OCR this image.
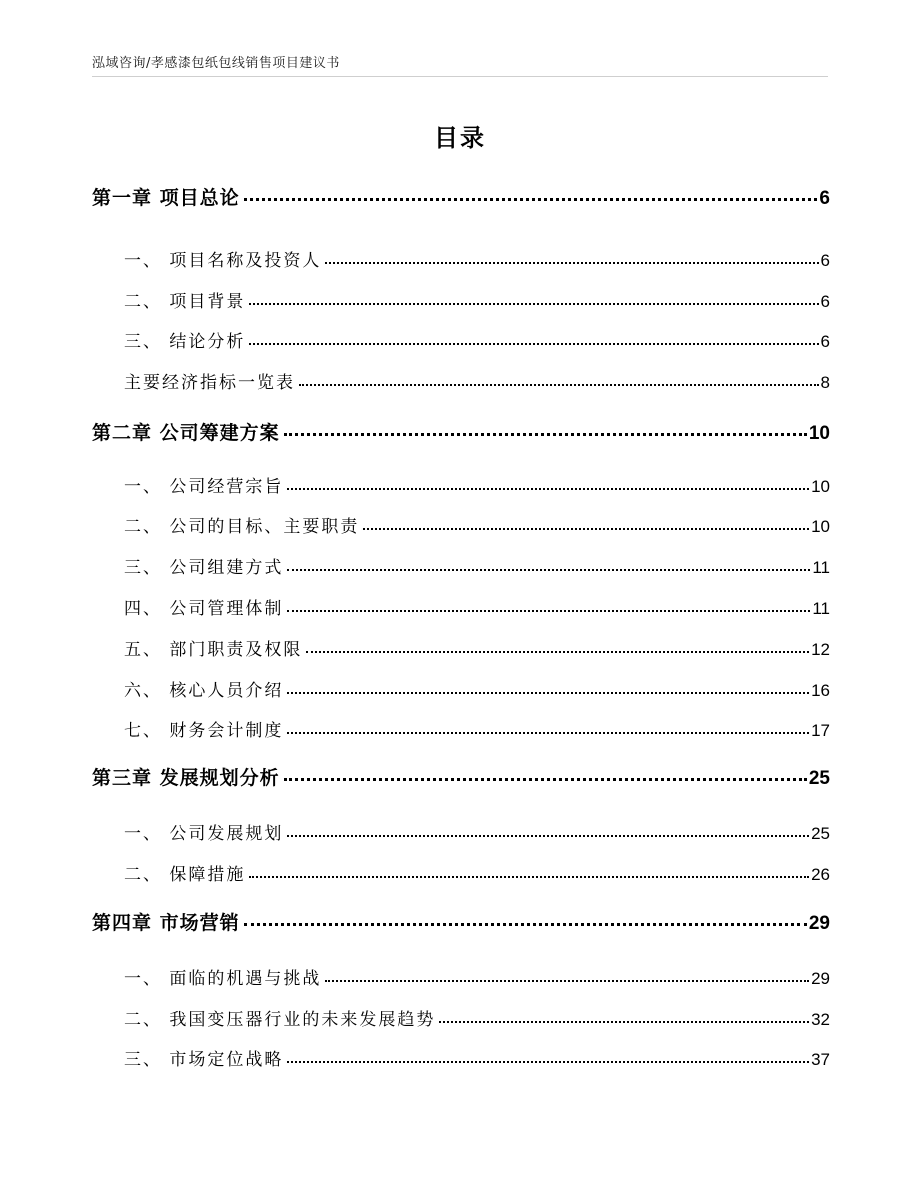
泓域咨询/孝感漆包纸包线销售项目建议书
目录
第一章 项目总论	6
一、 项目名称及投资人	6
二、 项目背景	6
三、 结论分析	6
主要经济指标一览表	8
第二章 公司筹建方案	10
一、 公司经营宗旨	10
二、 公司的目标、主要职责	10
三、 公司组建方式	11
四、 公司管理体制	11
五、 部门职责及权限	12
六、 核心人员介绍	16
七、 财务会计制度	17
第三章 发展规划分析	25
一、 公司发展规划	25
二、 保障措施	26
第四章 市场营销	29
一、 面临的机遇与挑战	29
二、 我国变压器行业的未来发展趋势	32
三、 市场定位战略	37
